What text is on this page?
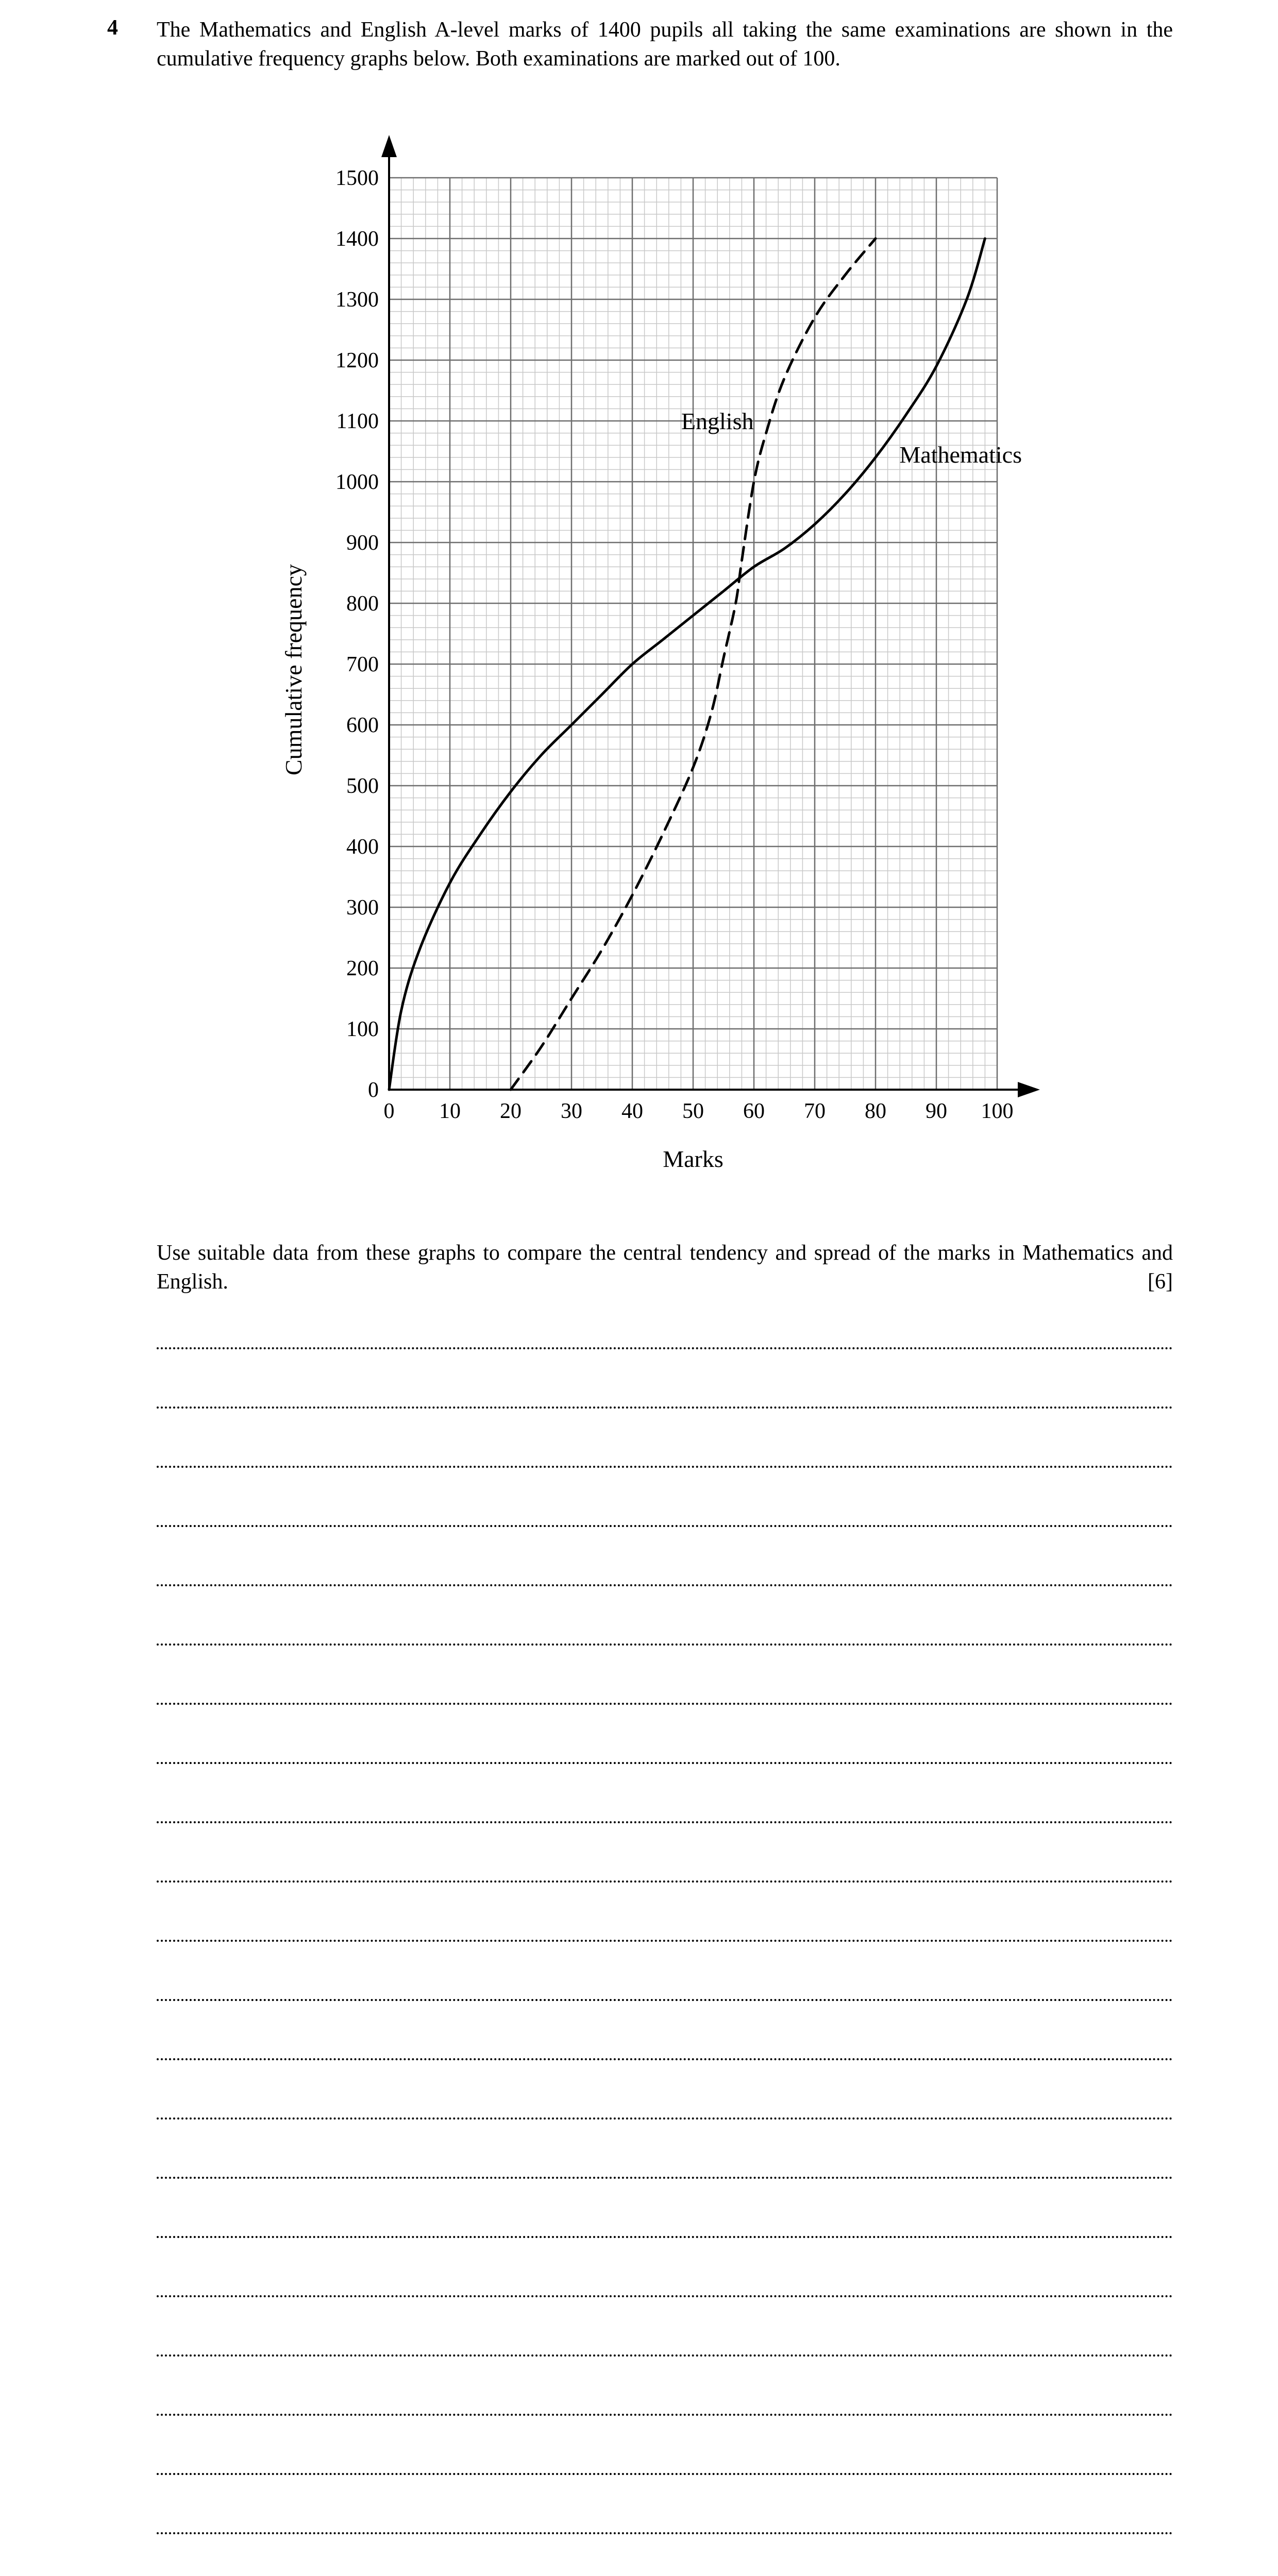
4 The Mathematics and English A-level marks of 1400 pupils all taking the same examinations are shown in the cumulative frequency graphs below. Both examinations are marked out of 100.

0 10 20 30 40 50 60 70 80 90 100
0
100
200
300
400
500
600
700
800
900
1000
1100
1200
1300
1400
1500
Marks
Cumulative frequency
English
Mathematics

Use suitable data from these graphs to compare the central tendency and spread of the marks in Mathematics and English.	[6]
